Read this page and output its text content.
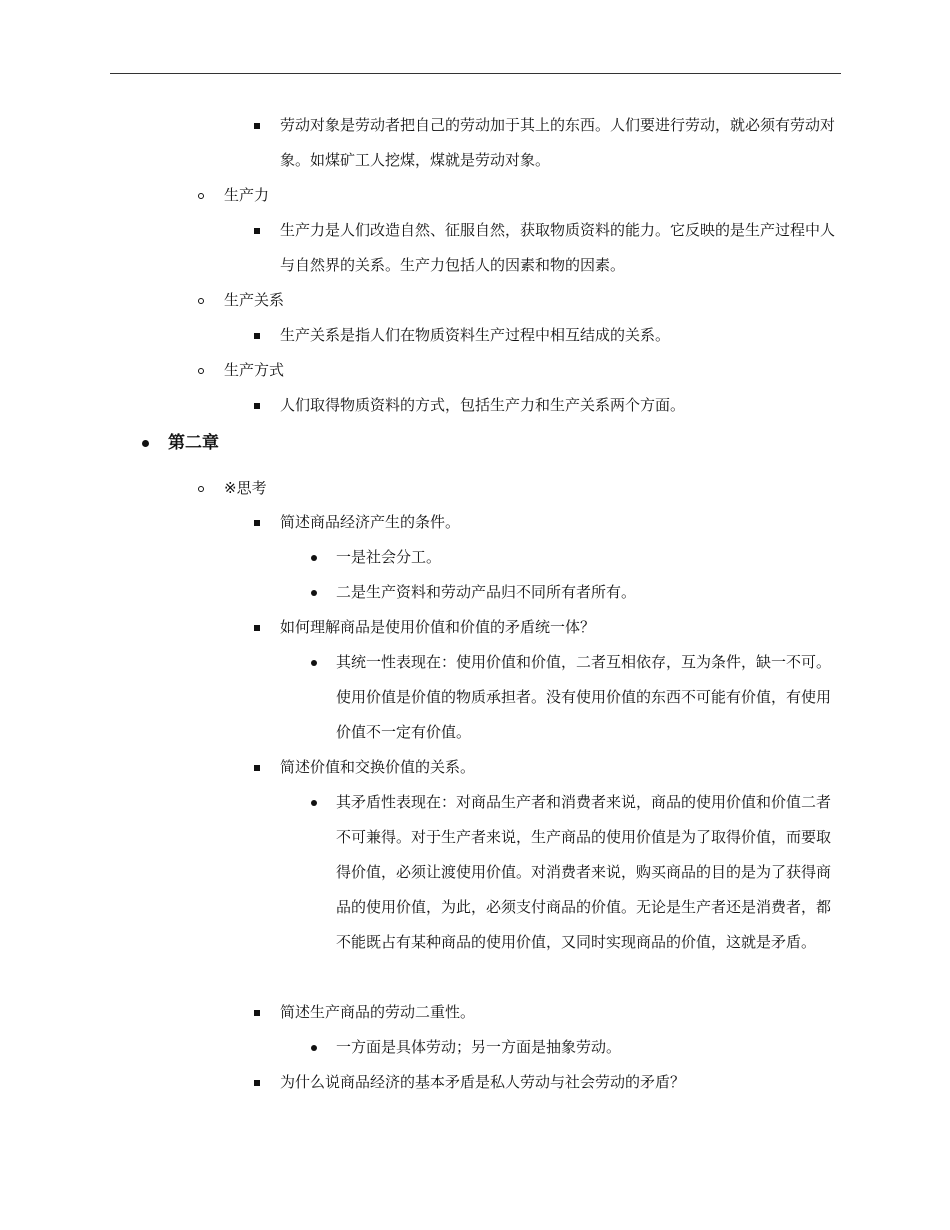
劳动对象是劳动者把自己的劳动加于其上的东西。人们要进行劳动，就必须有劳动对象。如煤矿工人挖煤，煤就是劳动对象。
生产力
生产力是人们改造自然、征服自然，获取物质资料的能力。它反映的是生产过程中人与自然界的关系。生产力包括人的因素和物的因素。
生产关系
生产关系是指人们在物质资料生产过程中相互结成的关系。
生产方式
人们取得物质资料的方式，包括生产力和生产关系两个方面。
第二章
※思考
简述商品经济产生的条件。
一是社会分工。
二是生产资料和劳动产品归不同所有者所有。
如何理解商品是使用价值和价值的矛盾统一体？
其统一性表现在：使用价值和价值，二者互相依存，互为条件，缺一不可。使用价值是价值的物质承担者。没有使用价值的东西不可能有价值，有使用价值不一定有价值。
简述价值和交换价值的关系。
其矛盾性表现在：对商品生产者和消费者来说，商品的使用价值和价值二者不可兼得。对于生产者来说，生产商品的使用价值是为了取得价值，而要取得价值，必须让渡使用价值。对消费者来说，购买商品的目的是为了获得商品的使用价值，为此，必须支付商品的价值。无论是生产者还是消费者，都不能既占有某种商品的使用价值，又同时实现商品的价值，这就是矛盾。
简述生产商品的劳动二重性。
一方面是具体劳动；另一方面是抽象劳动。
为什么说商品经济的基本矛盾是私人劳动与社会劳动的矛盾？
